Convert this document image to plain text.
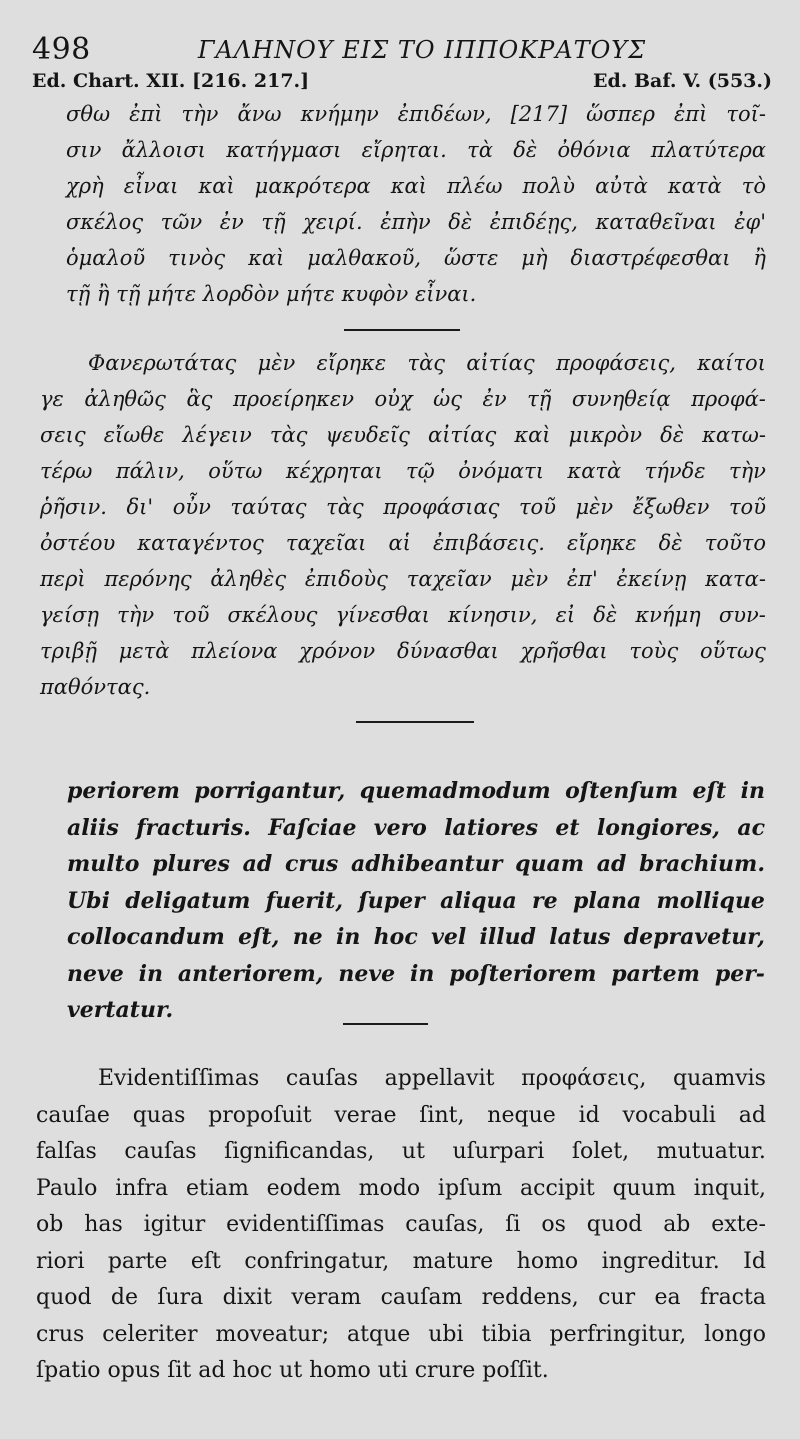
498	ΓΑΛΗΝΟΥ ΕΙΣ ΤΟ ΙΠΠΟΚΡΑΤΟΥΣ
Ed. Chart. XII. [216. 217.]	Ed. Baf. V. (553.)
σθω ἐπὶ τὴν ἄνω κνήμην ἐπιδέων, [217] ὥσπερ ἐπὶ τοῖ-
σιν ἄλλοισι κατήγμασι εἴρηται. τὰ δὲ ὀθόνια πλατύτερα
χρὴ εἶναι καὶ μακρότερα καὶ πλέω πολὺ αὐτὰ κατὰ τὸ
σκέλος τῶν ἐν τῇ χειρί. ἐπὴν δὲ ἐπιδέῃς, καταθεῖναι ἐφ'
ὁμαλοῦ τινὸς καὶ μαλθακοῦ, ὥστε μὴ διαστρέφεσθαι ἢ
τῇ ἢ τῇ μήτε λορδὸν μήτε κυφὸν εἶναι.
Φανερωτάτας μὲν εἴρηκε τὰς αἰτίας προφάσεις, καίτοι
γε ἀληθῶς ἃς προείρηκεν οὐχ ὡς ἐν τῇ συνηθείᾳ προφά-
σεις εἴωθε λέγειν τὰς ψευδεῖς αἰτίας καὶ μικρὸν δὲ κατω-
τέρω πάλιν, οὕτω κέχρηται τῷ ὀνόματι κατὰ τήνδε τὴν
ῥῆσιν. δι' οὖν ταύτας τὰς προφάσιας τοῦ μὲν ἔξωθεν τοῦ
ὀστέου καταγέντος ταχεῖαι αἱ ἐπιβάσεις. εἴρηκε δὲ τοῦτο
περὶ περόνης ἀληθὲς ἐπιδοὺς ταχεῖαν μὲν ἐπ' ἐκείνῃ κατα-
γείσῃ τὴν τοῦ σκέλους γίνεσθαι κίνησιν, εἰ δὲ κνήμη συν-
τριβῇ μετὰ πλείονα χρόνον δύνασθαι χρῆσθαι τοὺς οὕτως
παθόντας.
periorem porrigantur, quemadmodum oſtenſum eſt in
aliis fracturis. Faſciae vero latiores et longiores, ac
multo plures ad crus adhibeantur quam ad brachium.
Ubi deligatum fuerit, ſuper aliqua re plana mollique
collocandum eſt, ne in hoc vel illud latus depravetur,
neve in anteriorem, neve in poſteriorem partem per-
vertatur.
Evidentiſſimas cauſas appellavit προφάσεις, quamvis
cauſae quas propoſuit verae ſint, neque id vocabuli ad
falſas cauſas ſignificandas, ut uſurpari ſolet, mutuatur.
Paulo infra etiam eodem modo ipſum accipit quum inquit,
ob has igitur evidentiſſimas cauſas, ſi os quod ab exte-
riori parte eſt confringatur, mature homo ingreditur. Id
quod de ſura dixit veram cauſam reddens, cur ea fracta
crus celeriter moveatur; atque ubi tibia perfringitur, longo
ſpatio opus ſit ad hoc ut homo uti crure poſſit.
